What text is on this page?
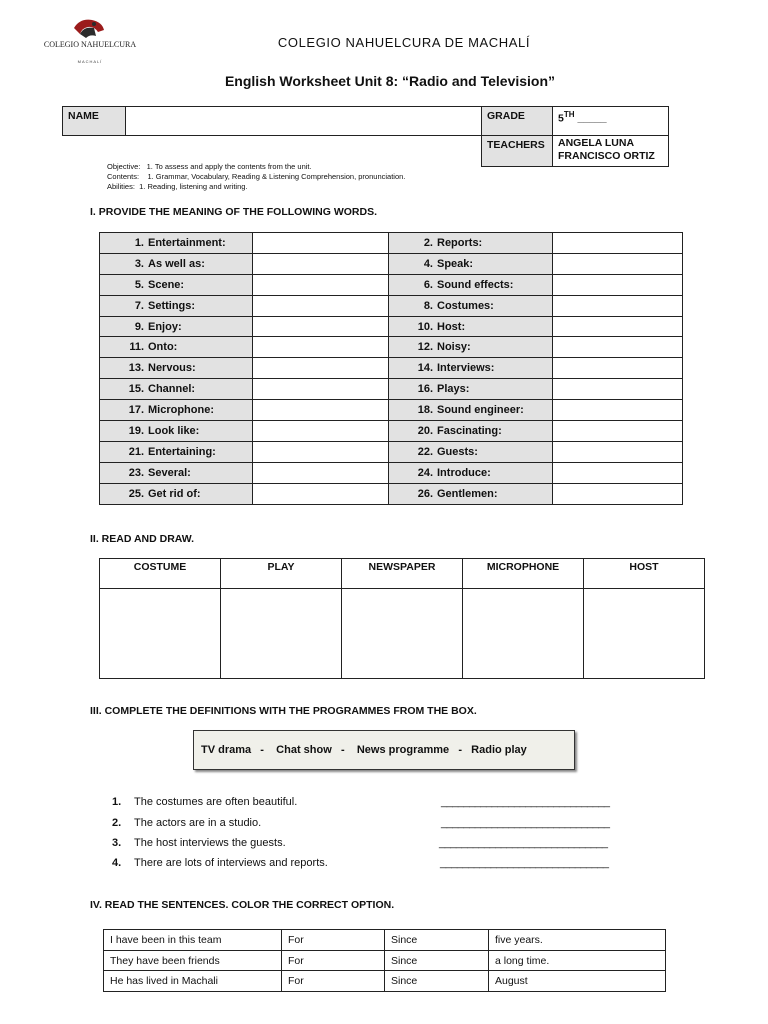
COLEGIO NAHUELCURA
MACHALÍ
COLEGIO NAHUELCURA DE MACHALÍ
English Worksheet Unit 8: “Radio and Television”
NAME		GRADE	5TH _____
		TEACHERS	ANGELA LUNA
FRANCISCO ORTIZ
Objective: 1. To assess and apply the contents from the unit.
Contents: 1. Grammar, Vocabulary, Reading & Listening Comprehension, pronunciation.
Abilities: 1. Reading, listening and writing.
I. PROVIDE THE MEANING OF THE FOLLOWING WORDS.
1. Entertainment:		2. Reports:	
3. As well as:		4. Speak:	
5. Scene:		6. Sound effects:	
7. Settings:		8. Costumes:	
9. Enjoy:		10. Host:	
11. Onto:		12. Noisy:	
13. Nervous:		14. Interviews:	
15. Channel:		16. Plays:	
17. Microphone:		18. Sound engineer:	
19. Look like:		20. Fascinating:	
21. Entertaining:		22. Guests:	
23. Several:		24. Introduce:	
25. Get rid of:		26. Gentlemen:	
II. READ AND DRAW.
COSTUME	PLAY	NEWSPAPER	MICROPHONE	HOST

III. COMPLETE THE DEFINITIONS WITH THE PROGRAMMES FROM THE BOX.
TV drama   -    Chat show   -    News programme   -   Radio play
1. The costumes are often beautiful.	______________________________
2. The actors are in a studio.	______________________________
3. The host interviews the guests.	______________________________
4. There are lots of interviews and reports.	______________________________
IV. READ THE SENTENCES. COLOR THE CORRECT OPTION.
I have been in this team	For	Since	five years.
They have been friends	For	Since	a long time.
He has lived in Machali	For	Since	August
